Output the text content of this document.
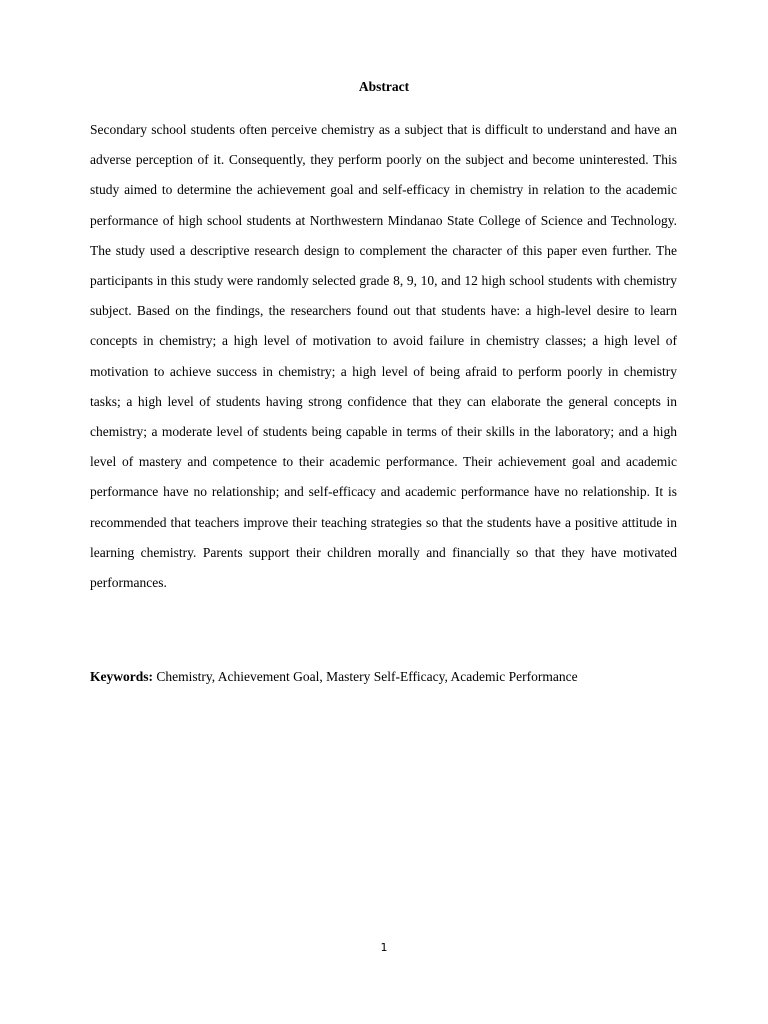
Abstract

Secondary school students often perceive chemistry as a subject that is difficult to understand and have an adverse perception of it. Consequently, they perform poorly on the subject and become uninterested. This study aimed to determine the achievement goal and self-efficacy in chemistry in relation to the academic performance of high school students at Northwestern Mindanao State College of Science and Technology. The study used a descriptive research design to complement the character of this paper even further. The participants in this study were randomly selected grade 8, 9, 10, and 12 high school students with chemistry subject. Based on the findings, the researchers found out that students have: a high-level desire to learn concepts in chemistry; a high level of motivation to avoid failure in chemistry classes; a high level of motivation to achieve success in chemistry; a high level of being afraid to perform poorly in chemistry tasks; a high level of students having strong confidence that they can elaborate the general concepts in chemistry; a moderate level of students being capable in terms of their skills in the laboratory; and a high level of mastery and competence to their academic performance. Their achievement goal and academic performance have no relationship; and self-efficacy and academic performance have no relationship. It is recommended that teachers improve their teaching strategies so that the students have a positive attitude in learning chemistry. Parents support their children morally and financially so that they have motivated performances.

Keywords: Chemistry, Achievement Goal, Mastery Self-Efficacy, Academic Performance

1
